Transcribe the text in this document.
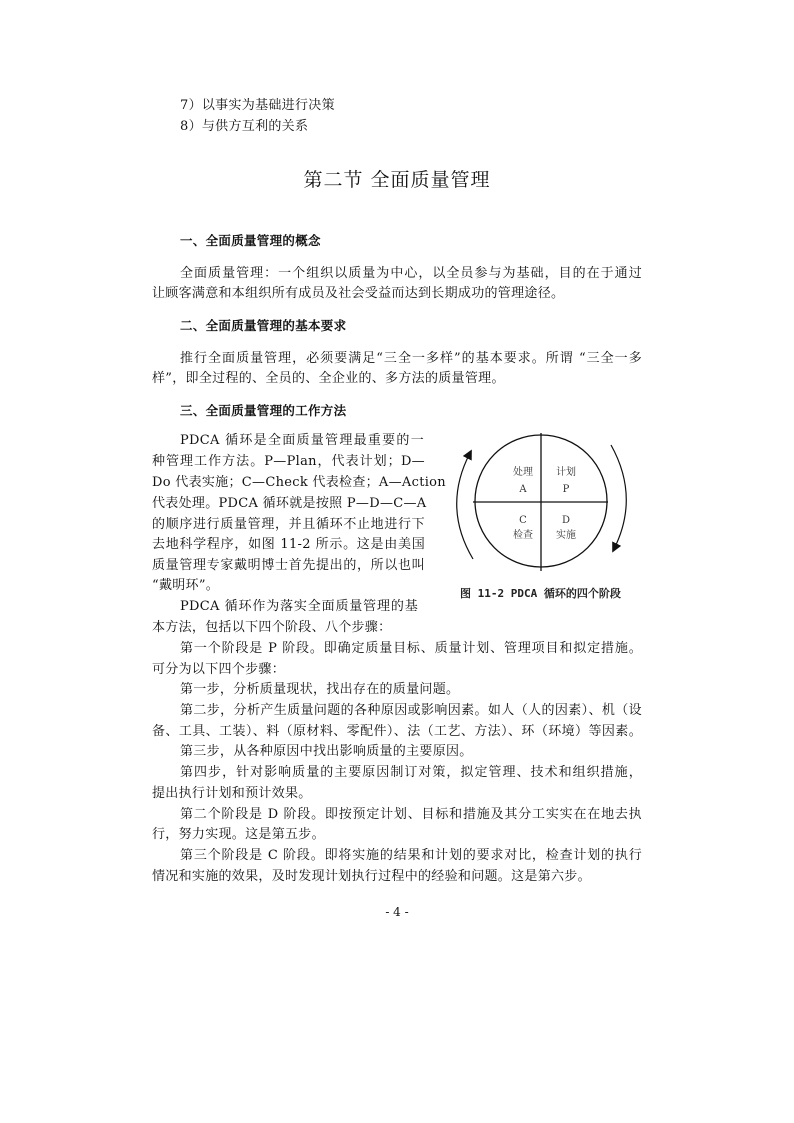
7）以事实为基础进行决策
8）与供方互利的关系
第二节 全面质量管理
一、全面质量管理的概念
全面质量管理：一个组织以质量为中心，以全员参与为基础，目的在于通过
让顾客满意和本组织所有成员及社会受益而达到长期成功的管理途径。
二、全面质量管理的基本要求
推行全面质量管理，必须要满足“三全一多样”的基本要求。所谓 “三全一多
样”，即全过程的、全员的、全企业的、多方法的质量管理。
三、全面质量管理的工作方法
PDCA 循环是全面质量管理最重要的一
种管理工作方法。P—Plan，代表计划；D—
Do 代表实施；C—Check 代表检查；A—Action
代表处理。PDCA 循环就是按照 P—D—C—A
的顺序进行质量管理，并且循环不止地进行下
去地科学程序，如图 11-2 所示。这是由美国
质量管理专家戴明博士首先提出的，所以也叫
“戴明环”。
PDCA 循环作为落实全面质量管理的基
本方法，包括以下四个阶段、八个步骤：
处理
A
计划
P
C
检查
D
实施
图 11-2 PDCA 循环的四个阶段
第一个阶段是 P 阶段。即确定质量目标、质量计划、管理项目和拟定措施。
可分为以下四个步骤：
第一步，分析质量现状，找出存在的质量问题。
第二步，分析产生质量问题的各种原因或影响因素。如人（人的因素）、机（设
备、工具、工装）、料（原材料、零配件）、法（工艺、方法）、环（环境）等因素。
第三步，从各种原因中找出影响质量的主要原因。
第四步，针对影响质量的主要原因制订对策，拟定管理、技术和组织措施，
提出执行计划和预计效果。
第二个阶段是 D 阶段。即按预定计划、目标和措施及其分工实实在在地去执
行，努力实现。这是第五步。
第三个阶段是 C 阶段。即将实施的结果和计划的要求对比，检查计划的执行
情况和实施的效果，及时发现计划执行过程中的经验和问题。这是第六步。
- 4 -
